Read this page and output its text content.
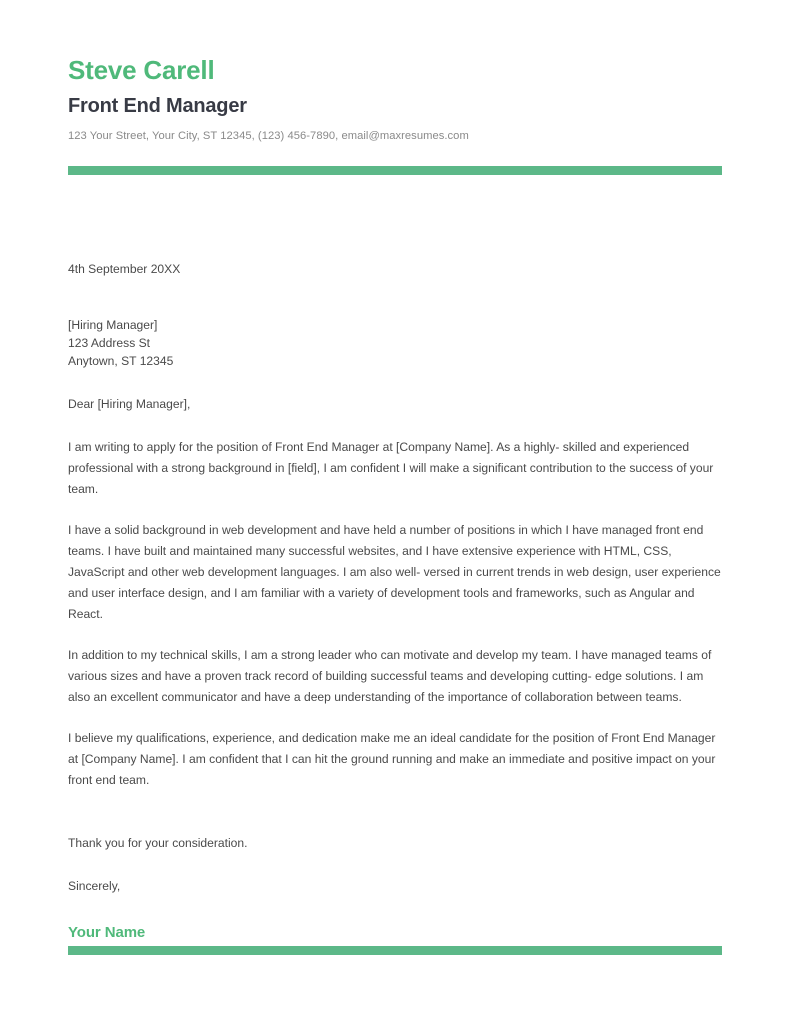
Steve Carell
Front End Manager

123 Your Street, Your City, ST 12345, (123) 456-7890, email@maxresumes.com

4th September 20XX
[Hiring Manager]
123 Address St
Anytown, ST 12345
Dear [Hiring Manager],

I am writing to apply for the position of Front End Manager at [Company Name]. As a highly- skilled and experienced professional with a strong background in [field], I am confident I will make a significant contribution to the success of your team.

I have a solid background in web development and have held a number of positions in which I have managed front end teams. I have built and maintained many successful websites, and I have extensive experience with HTML, CSS, JavaScript and other web development languages. I am also well- versed in current trends in web design, user experience and user interface design, and I am familiar with a variety of development tools and frameworks, such as Angular and React.

In addition to my technical skills, I am a strong leader who can motivate and develop my team. I have managed teams of various sizes and have a proven track record of building successful teams and developing cutting- edge solutions. I am also an excellent communicator and have a deep understanding of the importance of collaboration between teams.

I believe my qualifications, experience, and dedication make me an ideal candidate for the position of Front End Manager at [Company Name]. I am confident that I can hit the ground running and make an immediate and positive impact on your front end team.

Thank you for your consideration.
Sincerely,
Your Name
